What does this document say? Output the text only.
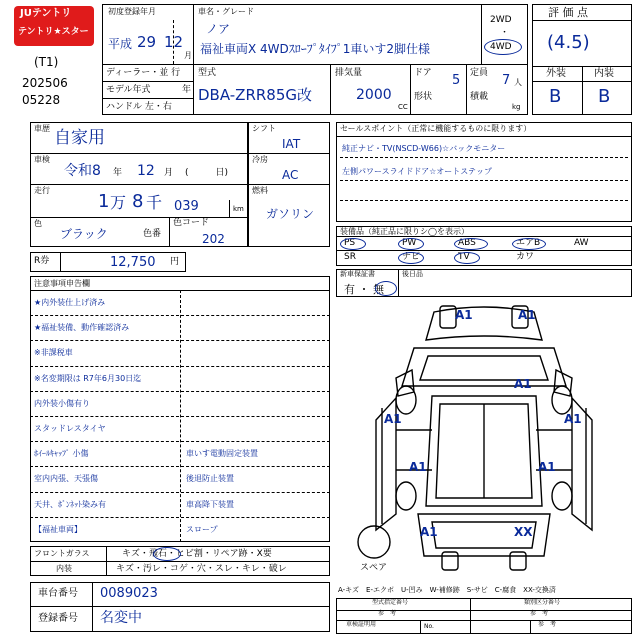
JUテントリ
テントリ★スター
(T1)
202506
05228
初度登録年月
平成 29 12
月
車名・グレード
ノア
福祉車両X 4WDｽﾛｰﾌﾟﾀｲﾌﾟ1車いす2脚仕様
2WD
・
4WD
ディーラー・並 行
モデル年式	年
ハンドル 左・右
型式
DBA-ZRR85G改
排気量
2000
CC
ドア 5
形状
定員 7 人
積載
kg
評 価 点
(4.5)
外装	内装
B B
車歴 自家用
車検
令和8 年 12 月 (　　　日)
走行
1 万 8 千 039	km
色
ブラック	色番
色コード
202
シフト
IAT
冷房
AC
燃料
ガソリン
R券	12,750 円
注意事項申告欄
★内外装仕上げ済み
★福祉装備、動作確認済み
※非課税車
※名変期限は R7年6月30日迄
内外装小傷有り
スタッドレスタイヤ
ﾎｲｰﾙｷｬｯﾌﾟ 小傷	車いす電動固定装置
室内内張、天張傷	後退防止装置
天井、ﾎﾞﾝﾈｯﾄ染み有	車高降下装置
【福祉車両】	スロープ
フロントガラス	キズ・飛石・ヒビ割・リペア跡・X要
内装	キズ・汚レ・コゲ・穴・スレ・キレ・破レ
車台番号 0089023
登録番号 名変中
セールスポイント（正常に機能するものに限ります）
純正ナビ・TV(NSCD-W66)☆バックモニター
左側パワースライドドア☆オートステップ
装備品（純正品に限りシ◯を表示）
PS	PW	ABS	エアB	AW
SR	ナビ	TV	カワ
新車保証書	後日品
有 ・ 無
A1	A1
A1
A1	A1
A1	A1
A1	XX
スペア
A-キズ　E-エクボ　U-凹み　W-補修跡　S-サビ　C-腐食　XX-交換済
型式指定番号	類別区分番号
参　考	参　考
車検証明用	No.	参　考
